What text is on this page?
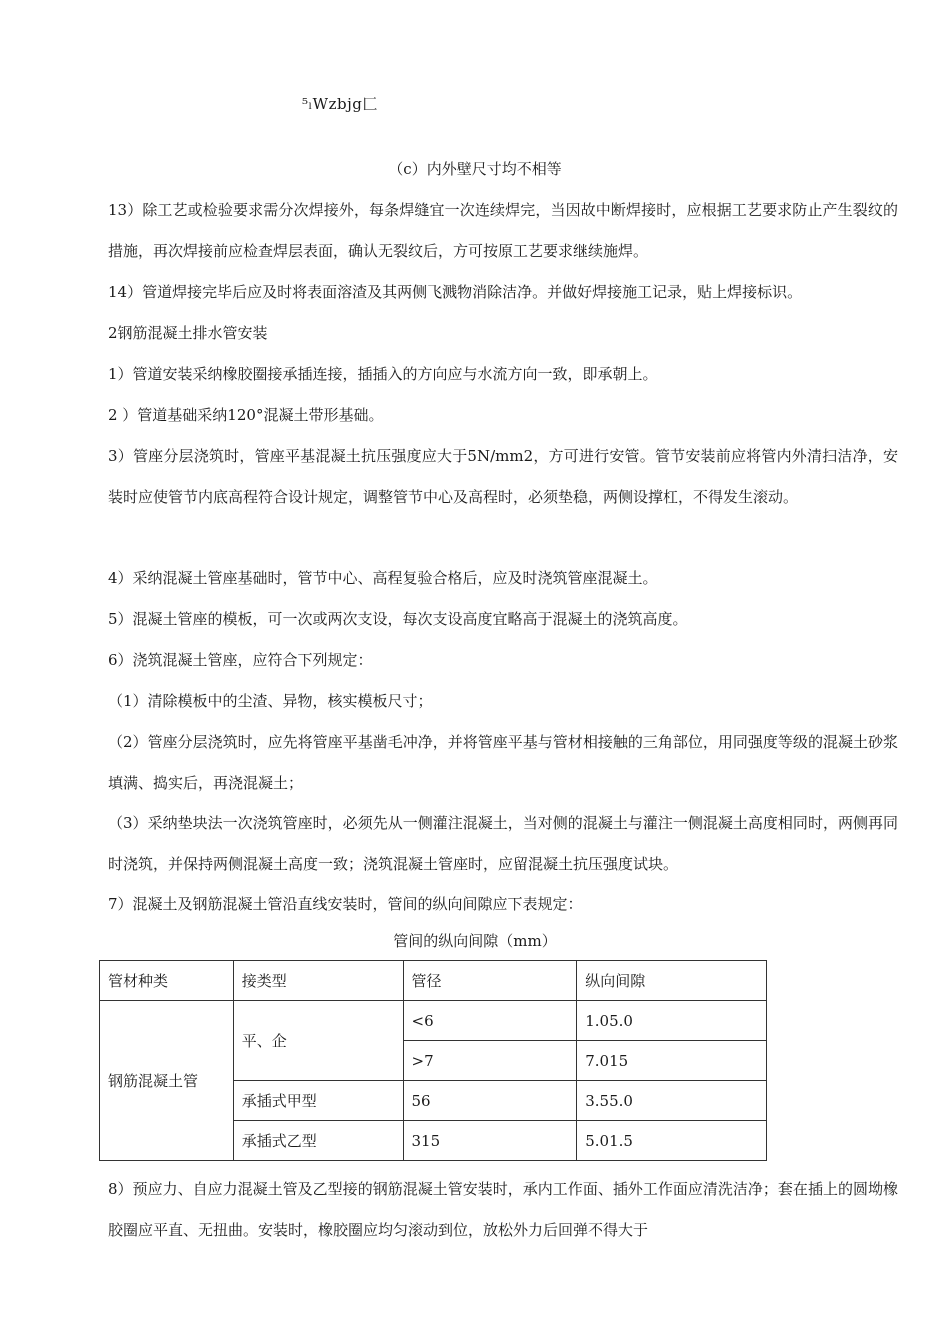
⁵ₗWzbjg匚
（c）内外壁尺寸均不相等

13）除工艺或检验要求需分次焊接外，每条焊缝宜一次连续焊完，当因故中断焊接时，应根据工艺要求防止产生裂纹的措施，再次焊接前应检查焊层表面，确认无裂纹后，方可按原工艺要求继续施焊。

14）管道焊接完毕后应及时将表面溶渣及其两侧飞溅物消除洁净。并做好焊接施工记录，贴上焊接标识。

2钢筋混凝土排水管安装

1）管道安装采纳橡胶圈接承插连接，插插入的方向应与水流方向一致，即承朝上。

2 ）管道基础采纳120°混凝土带形基础。

3）管座分层浇筑时，管座平基混凝土抗压强度应大于5N/mm2，方可进行安管。管节安装前应将管内外清扫洁净，安装时应使管节内底高程符合设计规定，调整管节中心及高程时，必须垫稳，两侧设撑杠，不得发生滚动。

4）采纳混凝土管座基础时，管节中心、高程复验合格后，应及时浇筑管座混凝土。

5）混凝土管座的模板，可一次或两次支设，每次支设高度宜略高于混凝土的浇筑高度。

6）浇筑混凝土管座，应符合下列规定：

（1）清除模板中的尘渣、异物，核实模板尺寸；

（2）管座分层浇筑时，应先将管座平基凿毛冲净，并将管座平基与管材相接触的三角部位，用同强度等级的混凝土砂浆填满、捣实后，再浇混凝土；

（3）采纳垫块法一次浇筑管座时，必须先从一侧灌注混凝土，当对侧的混凝土与灌注一侧混凝土高度相同时，两侧再同时浇筑，并保持两侧混凝土高度一致；浇筑混凝土管座时，应留混凝土抗压强度试块。

7）混凝土及钢筋混凝土管沿直线安装时，管间的纵向间隙应下表规定：

管间的纵向间隙（mm）
管材种类	接类型	管径	纵向间隙
钢筋混凝土管	平、企	<6	1.05.0
		>7	7.015
	承插式甲型	56	3.55.0
	承插式乙型	315	5.01.5

8）预应力、自应力混凝土管及乙型接的钢筋混凝土管安装时，承内工作面、插外工作面应清洗洁净；套在插上的圆坳橡胶圈应平直、无扭曲。安装时，橡胶圈应均匀滚动到位，放松外力后回弹不得大于
